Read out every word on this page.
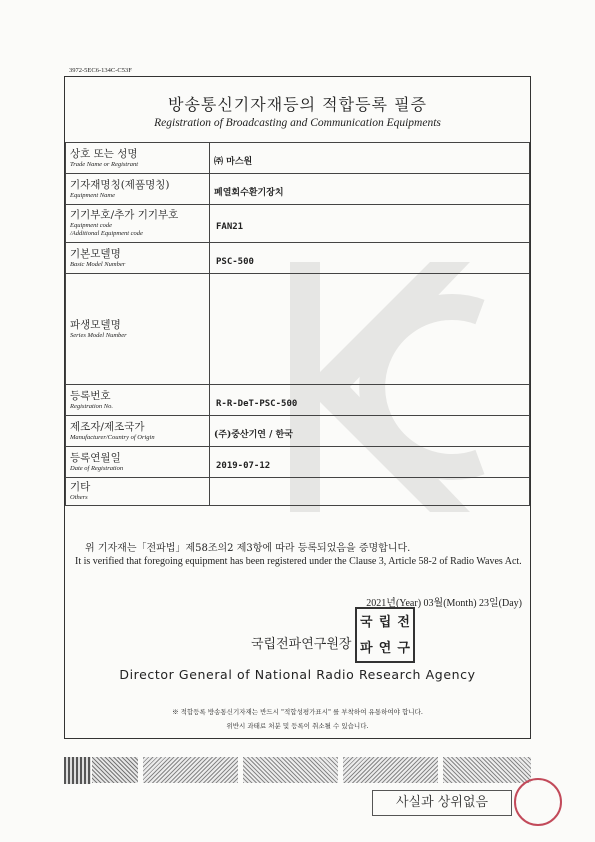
3972-5EC6-134C-C53F
방송통신기자재등의 적합등록 필증
Registration of Broadcasting and Communication Equipments
상호 또는 성명
Trade Name or Registrant	㈜ 마스원

기자재명칭(제품명칭)
Equipment Name	폐열회수환기장치

기기부호/추가 기기부호
Equipment code
/Additional Equipment code	FAN21

기본모델명
Basic Model Number	PSC-500

파생모델명
Series Model Number	

등록번호
Registration No.	R-R-DeT-PSC-500

제조자/제조국가
Manufacturer/Country of Origin	(주)중산기연 / 한국

등록연월일
Date of Registration	2019-07-12

기타
Others	

위 기자재는「전파법」제58조의2 제3항에 따라 등록되었음을 증명합니다.
It is verified that foregoing equipment has been registered under the Clause 3, Article 58-2 of Radio Waves Act.
2021년(Year) 03월(Month) 23일(Day)
국립전파연구원장
국 립 전
파 연 구
Director General of National Radio Research Agency
※ 적합등록 방송통신기자재는 반드시 "적합성평가표시" 를 부착하여 유통하여야 합니다.
위반시 과태료 처분 및 등록이 취소될 수 있습니다.
사실과 상위없음
